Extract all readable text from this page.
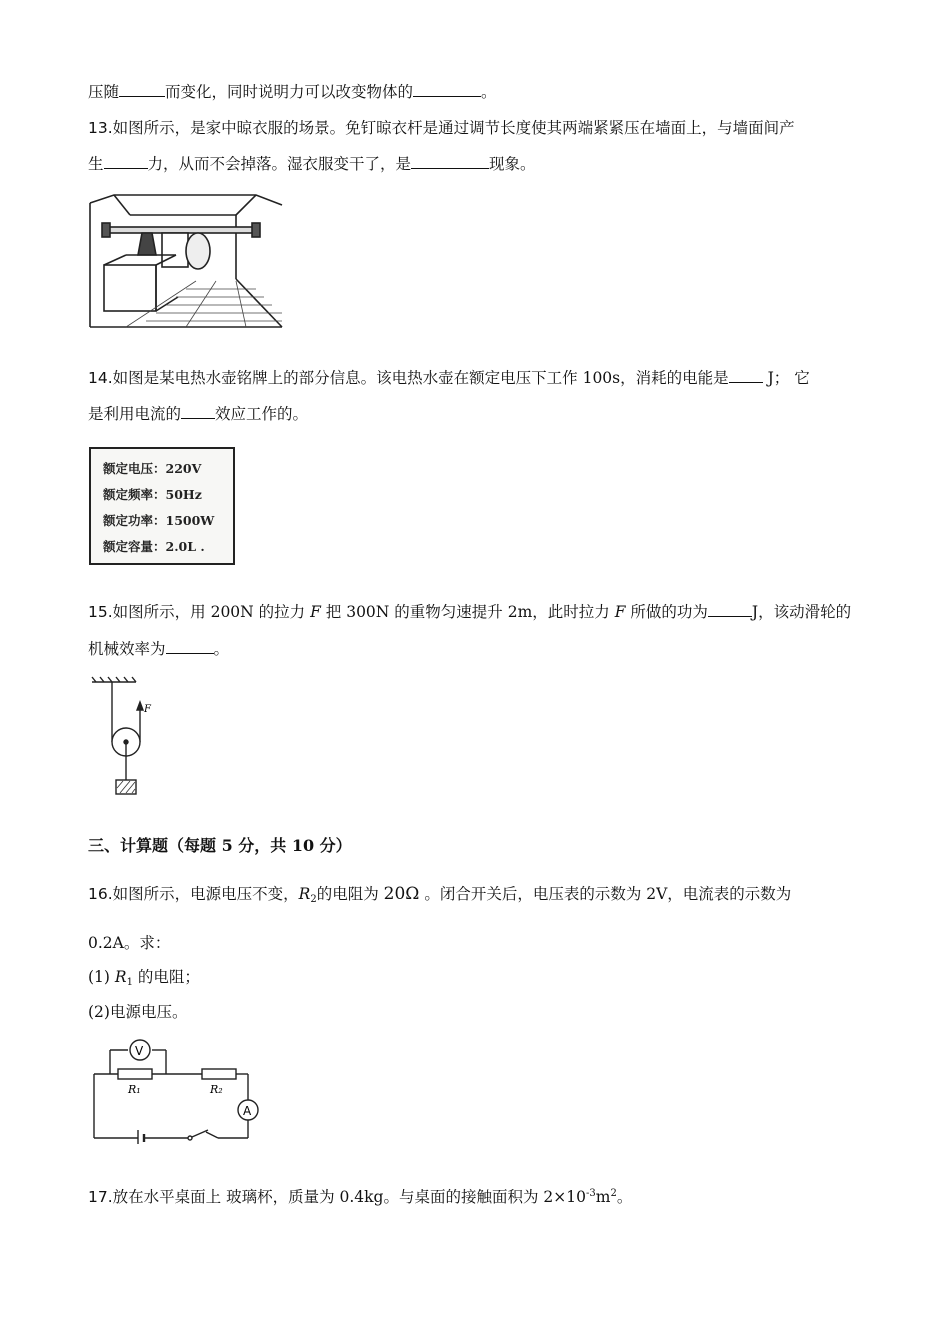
压随	而变化，同时说明力可以改变物体的	。
13.如图所示，是家中晾衣服的场景。免钉晾衣杆是通过调节长度使其两端紧紧压在墙面上，与墙面间产
生	力，从而不会掉落。湿衣服变干了，是	现象。
14.如图是某电热水壶铭牌上的部分信息。该电热水壶在额定电压下工作 100s，消耗的电能是 J； 它
是利用电流的 效应工作的。
额定电压：220V
额定频率：50Hz
额定功率：1500W
额定容量：2.0L .
15.如图所示，用 200N 的拉力 F 把 300N 的重物匀速提升 2m，此时拉力 F 所做的功为	J，该动滑轮的
机械效率为	。
F
三、计算题（每题 5 分，共 10 分）
16.如图所示，电源电压不变，$R_2$的电阻为 20Ω 。闭合开关后，电压表的示数为 2V，电流表的示数为
0.2A。求：
(1) $R_1$ 的电阻；
(2)电源电压。
V
A
R₁	R₂
17.放在水平桌面上 玻璃杯，质量为 0.4kg。与桌面的接触面积为 $2\times 10^{-3}m^2$。
